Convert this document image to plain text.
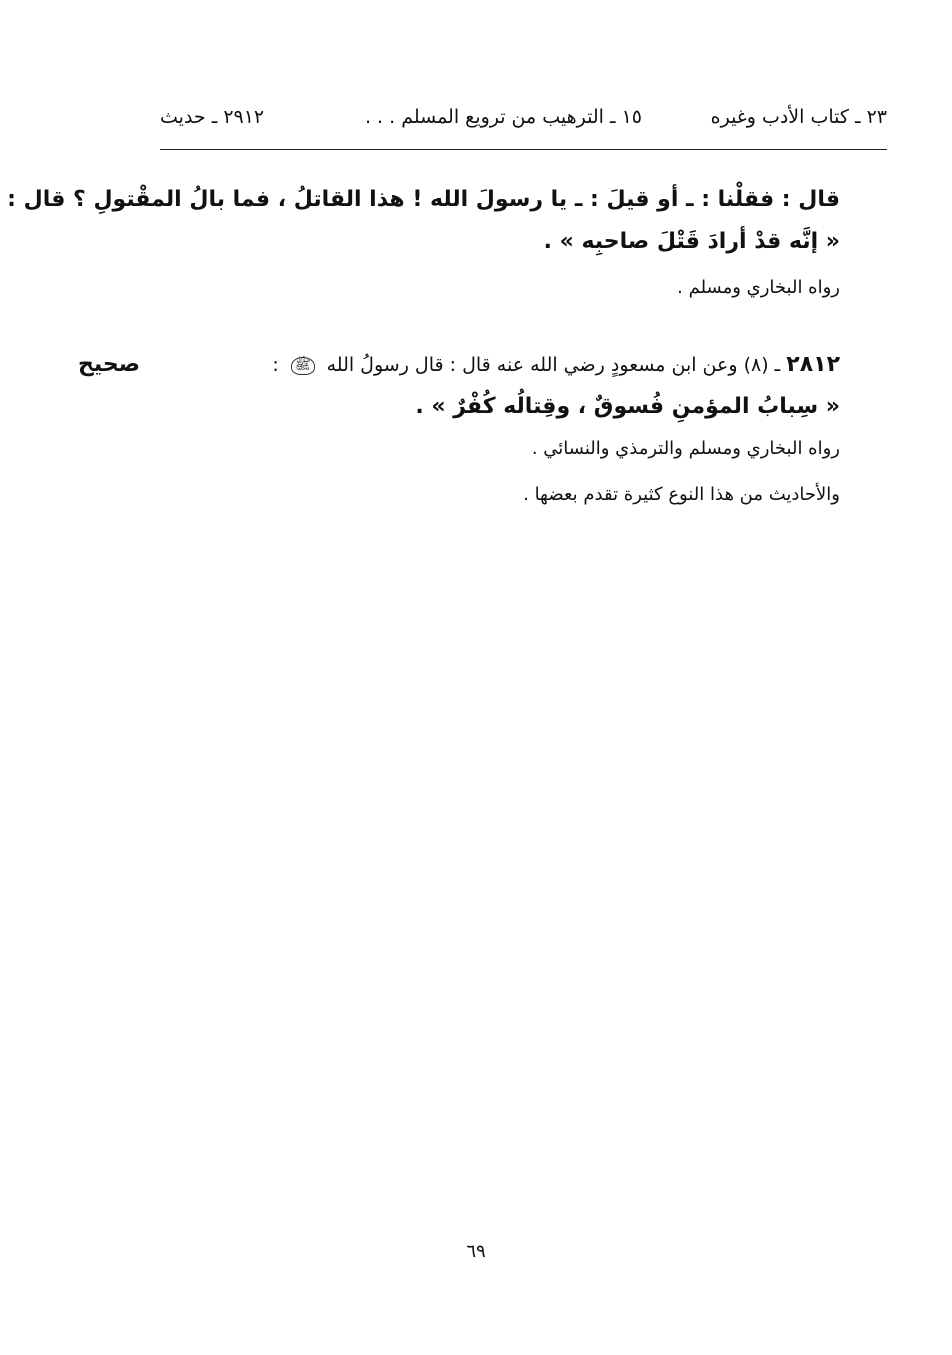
٢٣ ـ كتاب الأدب وغيره
١٥ ـ الترهيب من ترويع المسلم . . .
٢٩١٢ ـ حديث
قال : فقلْنا : ـ أو قيلَ : ـ يا رسولَ الله ! هذا القاتلُ ، فما بالُ المقْتولِ ؟ قال :
« إنَّه قدْ أرادَ قَتْلَ صاحبِه » .
رواه البخاري ومسلم .
صحيح	٢٨١٢ ـ (٨) وعن ابن مسعودٍ رضي الله عنه قال : قال رسولُ الله ﷺ :
« سِبابُ المؤمنِ فُسوقٌ ، وقِتالُه كُفْرٌ » .
رواه البخاري ومسلم والترمذي والنسائي .
والأحاديث من هذا النوع كثيرة تقدم بعضها .
٦٩
